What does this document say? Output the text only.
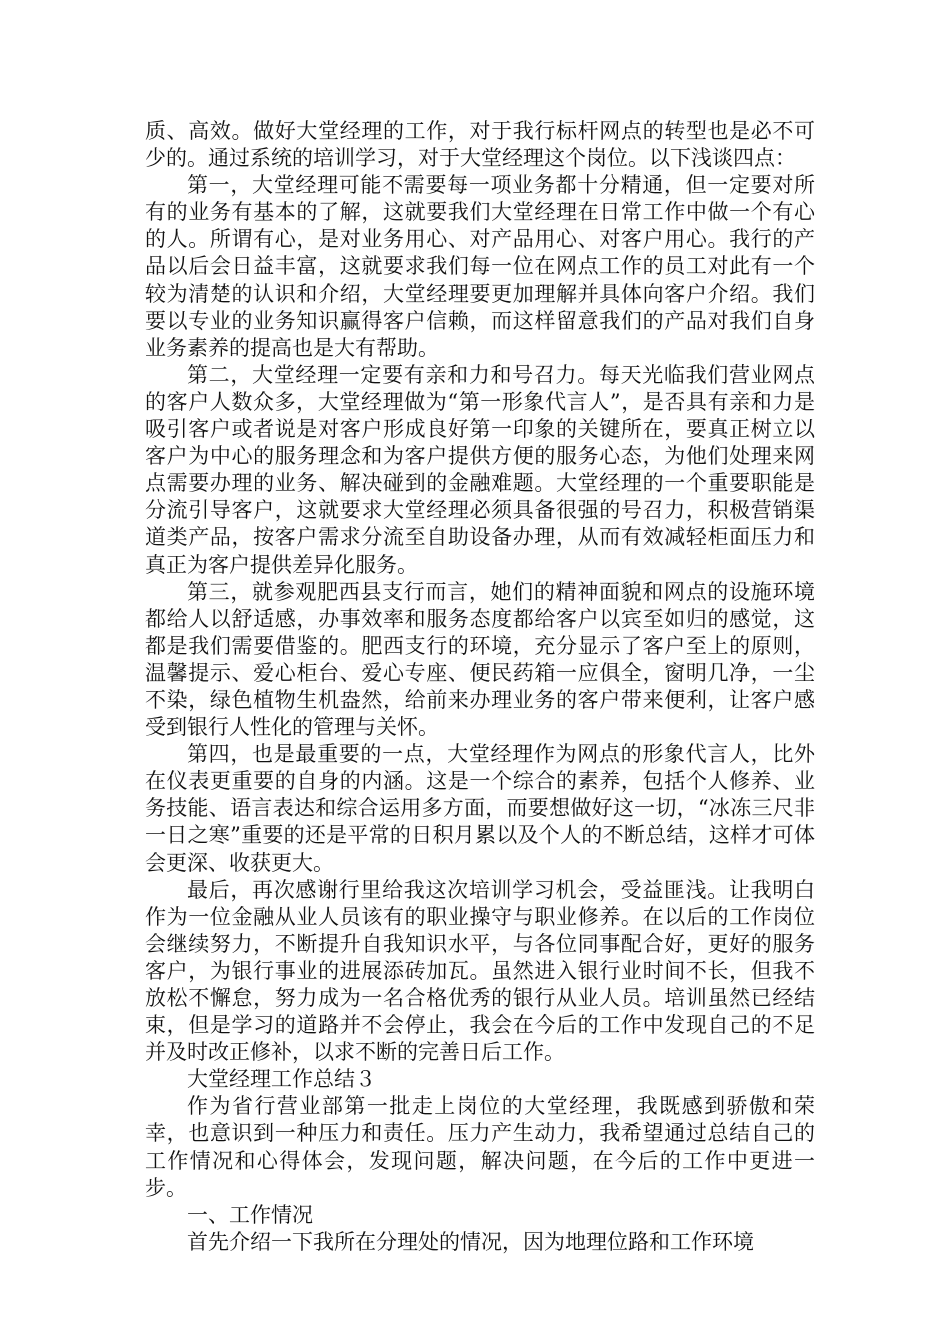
质、高效。做好大堂经理的工作，对于我行标杆网点的转型也是必不可少的。通过系统的培训学习，对于大堂经理这个岗位。以下浅谈四点：

第一，大堂经理可能不需要每一项业务都十分精通，但一定要对所有的业务有基本的了解，这就要我们大堂经理在日常工作中做一个有心的人。所谓有心，是对业务用心、对产品用心、对客户用心。我行的产品以后会日益丰富，这就要求我们每一位在网点工作的员工对此有一个较为清楚的认识和介绍，大堂经理要更加理解并具体向客户介绍。我们要以专业的业务知识赢得客户信赖，而这样留意我们的产品对我们自身业务素养的提高也是大有帮助。

第二，大堂经理一定要有亲和力和号召力。每天光临我们营业网点的客户人数众多，大堂经理做为“第一形象代言人”，是否具有亲和力是吸引客户或者说是对客户形成良好第一印象的关键所在，要真正树立以客户为中心的服务理念和为客户提供方便的服务心态，为他们处理来网点需要办理的业务、解决碰到的金融难题。大堂经理的一个重要职能是分流引导客户，这就要求大堂经理必须具备很强的号召力，积极营销渠道类产品，按客户需求分流至自助设备办理，从而有效减轻柜面压力和真正为客户提供差异化服务。

第三，就参观肥西县支行而言，她们的精神面貌和网点的设施环境都给人以舒适感，办事效率和服务态度都给客户以宾至如归的感觉，这都是我们需要借鉴的。肥西支行的环境，充分显示了客户至上的原则，温馨提示、爱心柜台、爱心专座、便民药箱一应俱全，窗明几净，一尘不染，绿色植物生机盎然，给前来办理业务的客户带来便利，让客户感受到银行人性化的管理与关怀。

第四，也是最重要的一点，大堂经理作为网点的形象代言人，比外在仪表更重要的自身的内涵。这是一个综合的素养，包括个人修养、业务技能、语言表达和综合运用多方面，而要想做好这一切，“冰冻三尺非一日之寒”重要的还是平常的日积月累以及个人的不断总结，这样才可体会更深、收获更大。

最后，再次感谢行里给我这次培训学习机会，受益匪浅。让我明白作为一位金融从业人员该有的职业操守与职业修养。在以后的工作岗位会继续努力，不断提升自我知识水平，与各位同事配合好，更好的服务客户，为银行事业的进展添砖加瓦。虽然进入银行业时间不长，但我不放松不懈怠，努力成为一名合格优秀的银行从业人员。培训虽然已经结束，但是学习的道路并不会停止，我会在今后的工作中发现自己的不足并及时改正修补，以求不断的完善日后工作。

大堂经理工作总结３

作为省行营业部第一批走上岗位的大堂经理，我既感到骄傲和荣幸，也意识到一种压力和责任。压力产生动力，我希望通过总结自己的工作情况和心得体会，发现问题，解决问题，在今后的工作中更进一步。

一、工作情况

首先介绍一下我所在分理处的情况，因为地理位路和工作环境
